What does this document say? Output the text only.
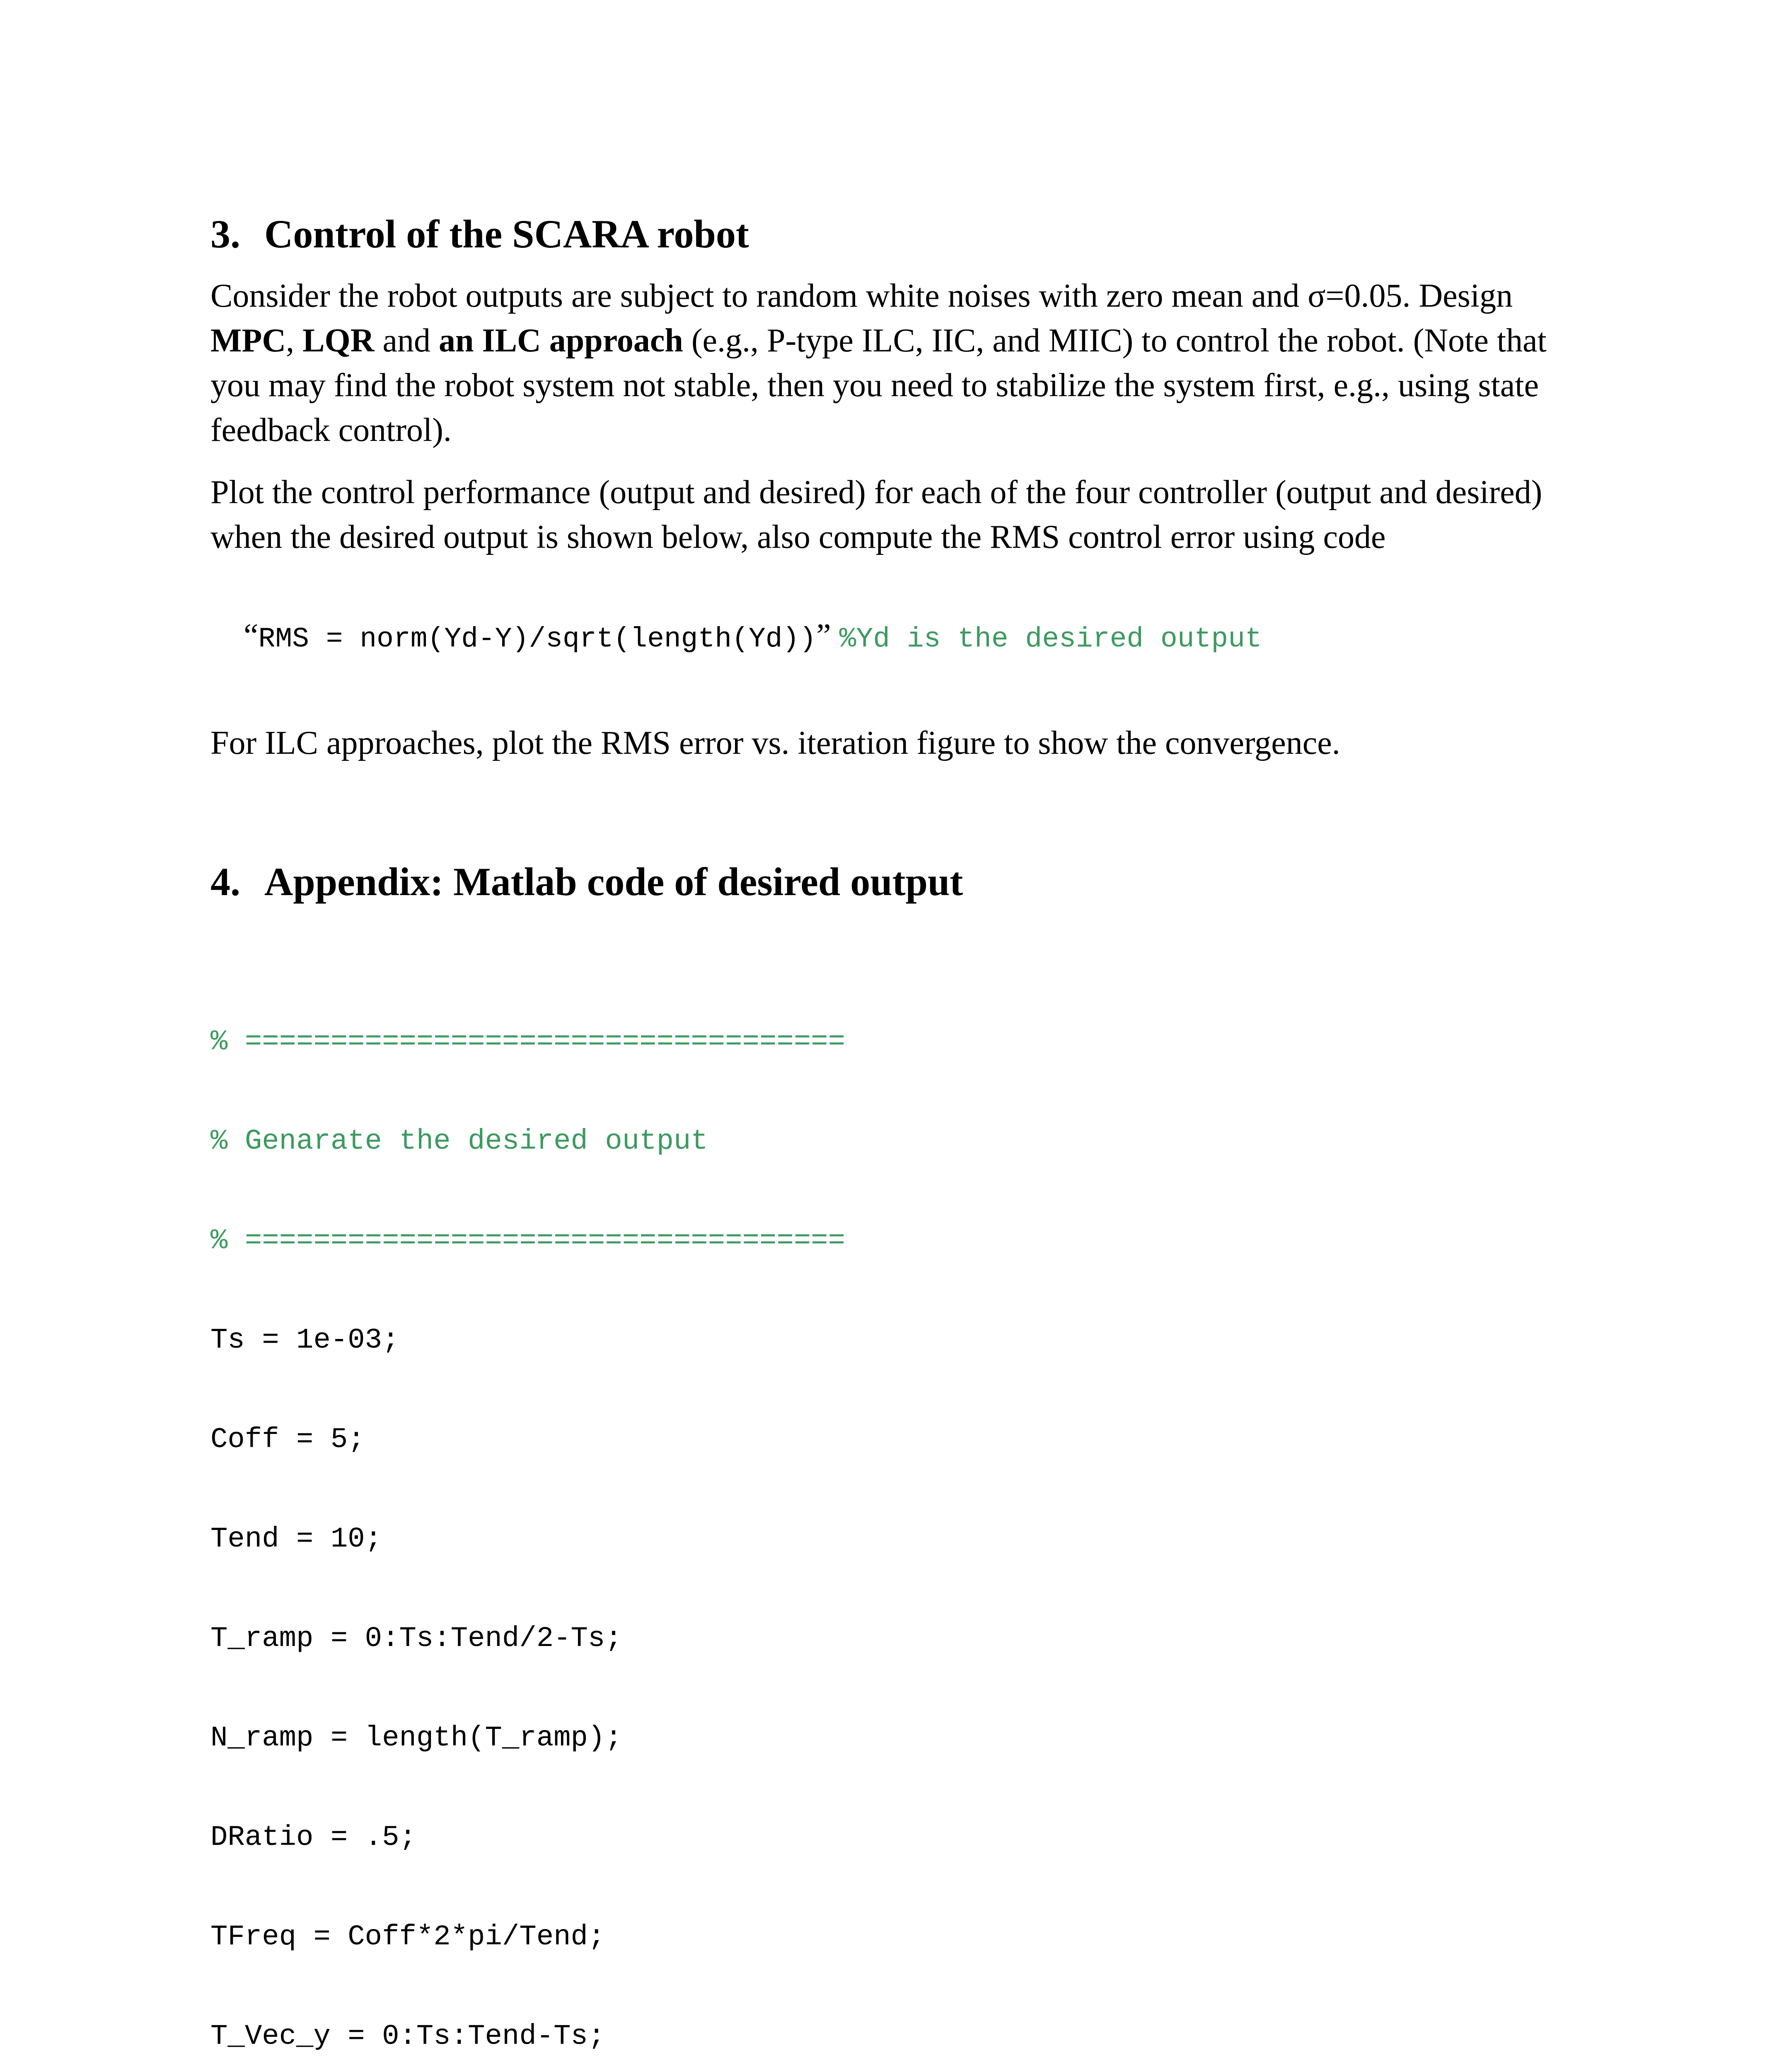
3. Control of the SCARA robot

Consider the robot outputs are subject to random white noises with zero mean and σ=0.05. Design MPC, LQR and an ILC approach (e.g., P-type ILC, IIC, and MIIC) to control the robot. (Note that you may find the robot system not stable, then you need to stabilize the system first, e.g., using state feedback control).

Plot the control performance (output and desired) for each of the four controller (output and desired) when the desired output is shown below, also compute the RMS control error using code

“RMS = norm(Yd-Y)/sqrt(length(Yd))” %Yd is the desired output

For ILC approaches, plot the RMS error vs. iteration figure to show the convergence.

4. Appendix: Matlab code of desired output

% ===================================

% Genarate the desired output

% ===================================

Ts = 1e-03;

Coff = 5;

Tend = 10;

T_ramp = 0:Ts:Tend/2-Ts;

N_ramp = length(T_ramp);

DRatio = .5;

TFreq = Coff*2*pi/Tend;

T_Vec_y = 0:Ts:Tend-Ts;
